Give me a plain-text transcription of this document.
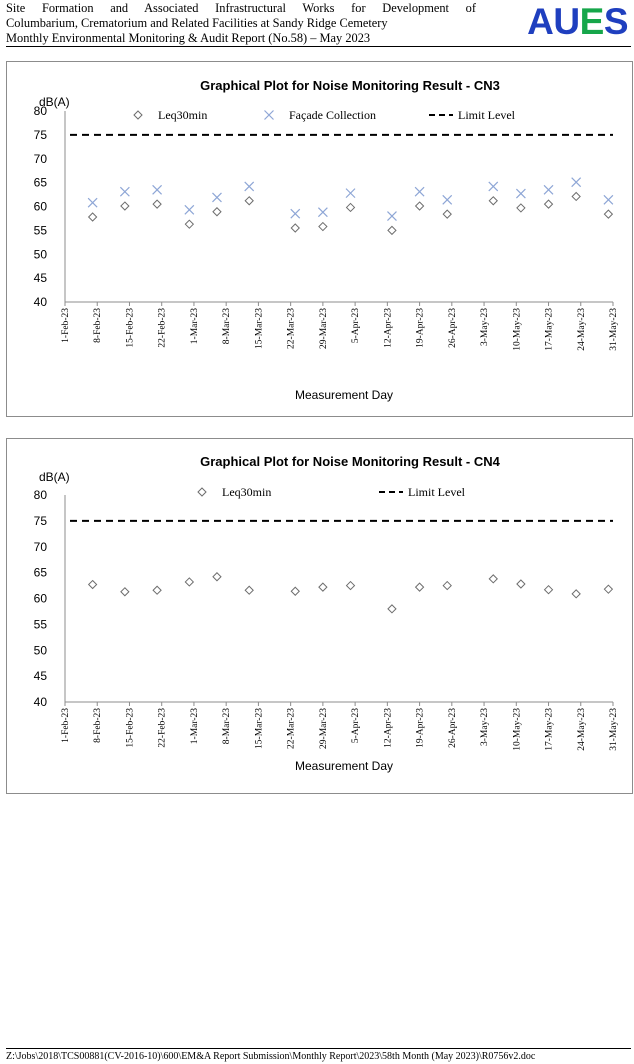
Site Formation and Associated Infrastructural Works for Development of
Columbarium, Crematorium and Related Facilities at Sandy Ridge Cemetery
Monthly Environmental Monitoring & Audit Report (No.58) – May 2023	AUES
Graphical Plot for Noise Monitoring Result - CN3
dB(A)
40
45
50
55
60
65
70
75
80
1-Feb-23 8-Feb-23 15-Feb-23 22-Feb-23 1-Mar-23 8-Mar-23 15-Mar-23 22-Mar-23 29-Mar-23 5-Apr-23 12-Apr-23 19-Apr-23 26-Apr-23 3-May-23 10-May-23 17-May-23 24-May-23 31-May-23
Measurement Day
Leq30min	Façade Collection	Limit Level
Graphical Plot for Noise Monitoring Result - CN4
dB(A)
40
45
50
55
60
65
70
75
80
1-Feb-23 8-Feb-23 15-Feb-23 22-Feb-23 1-Mar-23 8-Mar-23 15-Mar-23 22-Mar-23 29-Mar-23 5-Apr-23 12-Apr-23 19-Apr-23 26-Apr-23 3-May-23 10-May-23 17-May-23 24-May-23 31-May-23
Measurement Day
Leq30min	Limit Level
Z:\Jobs\2018\TCS00881(CV-2016-10)\600\EM&A Report Submission\Monthly Report\2023\58th Month (May 2023)\R0756v2.doc
